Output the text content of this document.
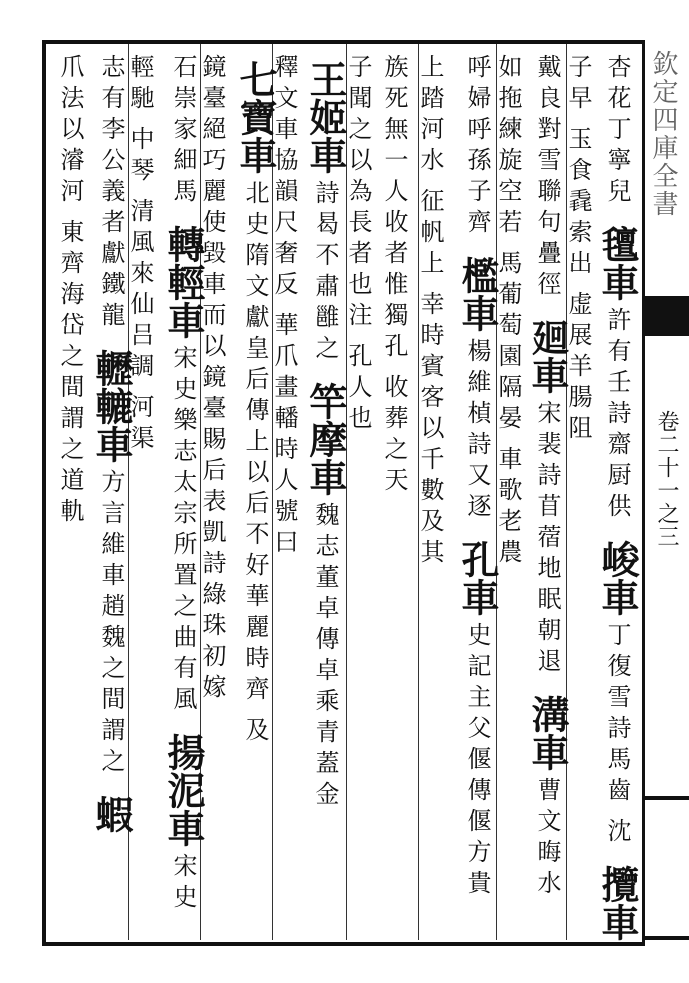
欽定四庫全書
卷二十一之三
杏花丁寧兒氊車許有壬詩齋厨供峻車丁復雪詩馬齒沈攬車
子早玉食毳索出虚展羊腸阻
戴良對雪聯句疊徑廻車宋裴詩苜蓿地眠朝退溝車曹文晦水
如拖練旋空若馬葡萄園隔晏車歌老農
呼婦呼孫子齊檻車楊維楨詩又逐孔車史記主父偃傳偃方貴
上踏河水征帆上幸時賓客以千數及其
族死無一人收者惟獨孔收葬之天
子聞之以為長者也注孔人也
王姬車詩曷不肅雝之竿摩車魏志董卓傳卓乘青蓋金
釋文車協韻尺奢反華爪畫轓時人號曰
七寶車北史隋文獻皇后傳上以后不好華麗時齊及
鏡臺絕巧麗使毀車而以鏡臺賜后表凱詩綠珠初嫁
石崇家細馬轉輕車宋史樂志太宗所置之曲有風揚泥車宋史
輕馳中琴清風來仙吕調河渠
志有李公義者獻鐵龍轣轆車方言維車趙魏之間謂之蝦
爪法以濬河東齊海岱之間謂之道軌
